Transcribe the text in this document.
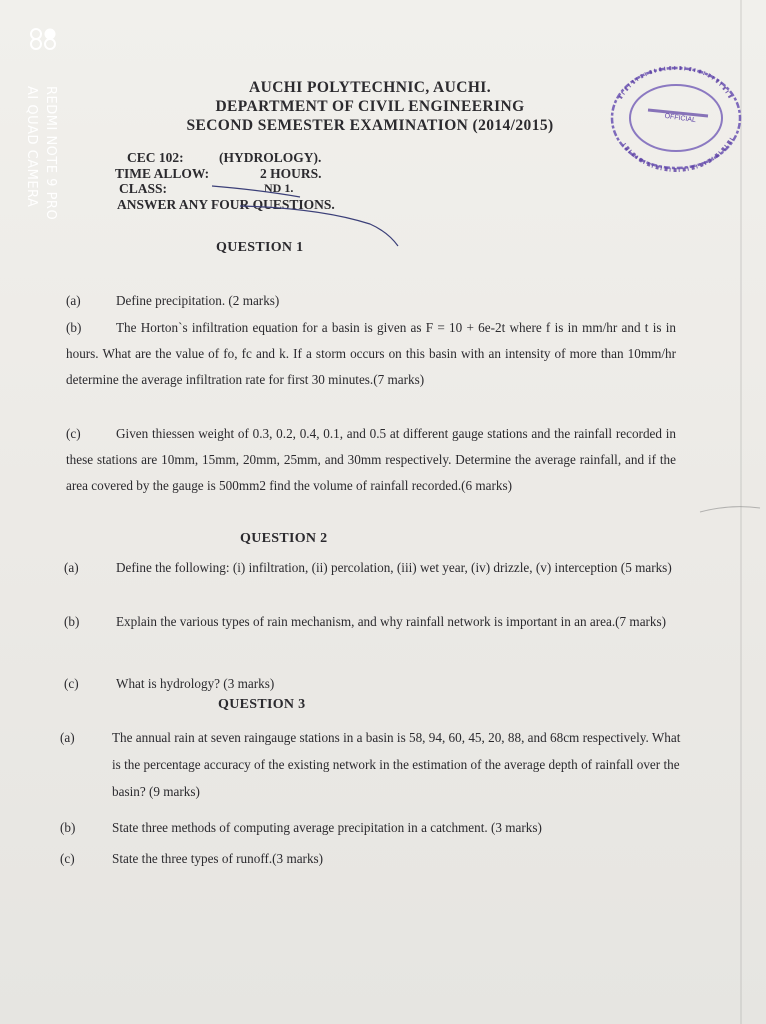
REDMI NOTE 9 PRO
AI QUAD CAMERA	OFFICIAL
AUCHI POLYTECHNIC, AUCHI.
DEPARTMENT OF CIVIL ENGINEERING
SECOND SEMESTER EXAMINATION (2014/2015)
CEC 102:	(HYDROLOGY).
TIME ALLOW:	2 HOURS.
CLASS:	ND 1.
ANSWER ANY FOUR QUESTIONS.
QUESTION 1
(a)	Define precipitation. (2 marks)
(b)	The Horton`s infiltration equation for a basin is given as F = 10 + 6e-2t where f is in mm/hr and t is in hours. What are the value of fo, fc and k. If a storm occurs on this basin with an intensity of more than 10mm/hr determine the average infiltration rate for first 30 minutes.(7 marks)
(c)	Given thiessen weight of 0.3, 0.2, 0.4, 0.1, and 0.5 at different gauge stations and the rainfall recorded in these stations are 10mm, 15mm, 20mm, 25mm, and 30mm respectively. Determine the average rainfall, and if the area covered by the gauge is 500mm2 find the volume of rainfall recorded.(6 marks)
QUESTION 2
(a)	Define the following: (i) infiltration, (ii) percolation, (iii) wet year, (iv) drizzle, (v) interception (5 marks)
(b)	Explain the various types of rain mechanism, and why rainfall network is important in an area.(7 marks)
(c)	What is hydrology? (3 marks)
QUESTION 3
(a)	The annual rain at seven raingauge stations in a basin is 58, 94, 60, 45, 20, 88, and 68cm respectively. What is the percentage accuracy of the existing network in the estimation of the average depth of rainfall over the basin? (9 marks)
(b)	State three methods of computing average precipitation in a catchment. (3 marks)
(c)	State the three types of runoff.(3 marks)
